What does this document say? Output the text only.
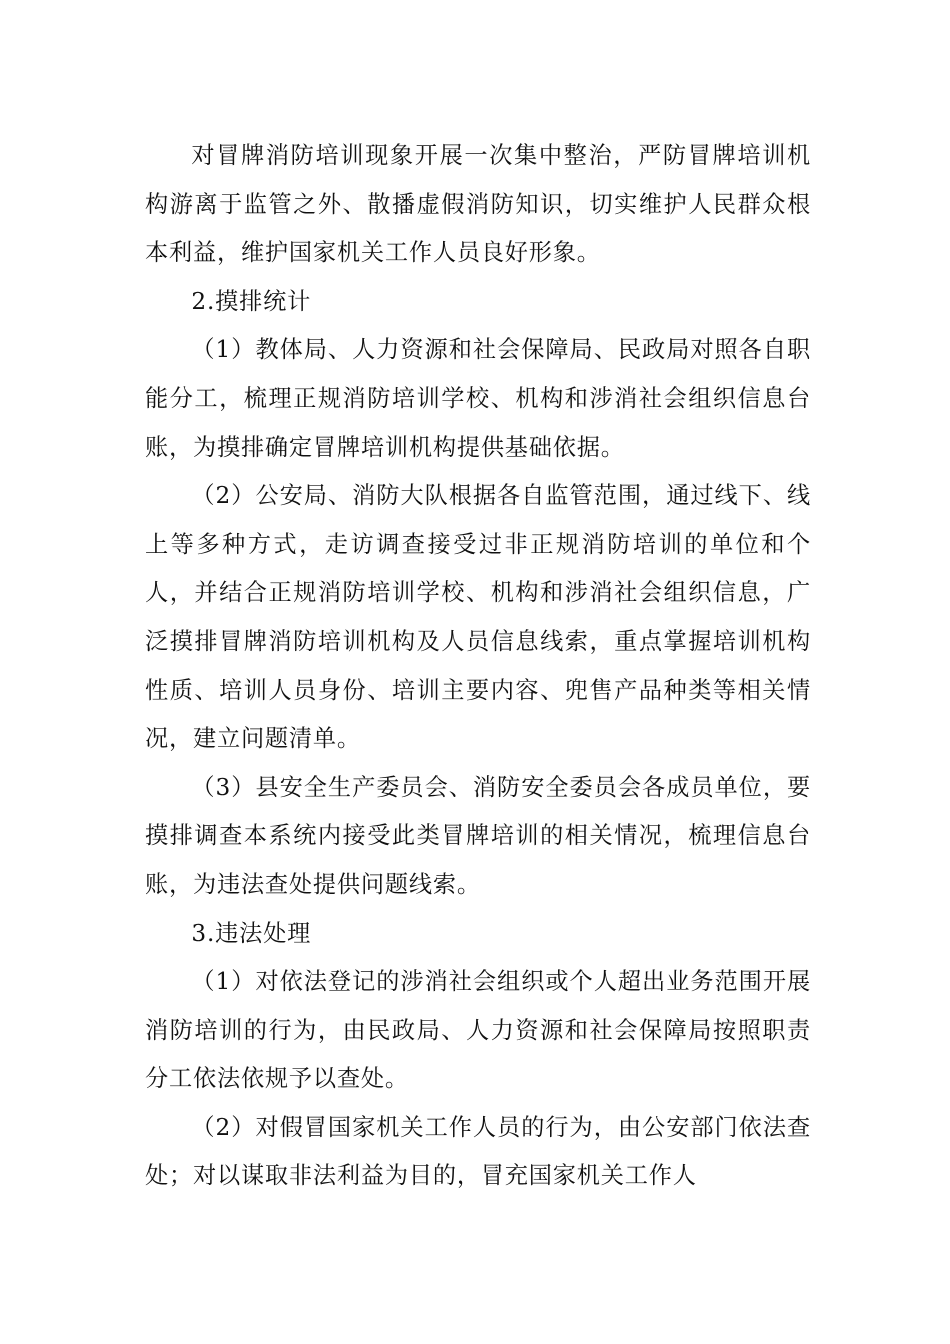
对冒牌消防培训现象开展一次集中整治，严防冒牌培训机构游离于监管之外、散播虚假消防知识，切实维护人民群众根本利益，维护国家机关工作人员良好形象。

2.摸排统计

（1）教体局、人力资源和社会保障局、民政局对照各自职能分工，梳理正规消防培训学校、机构和涉消社会组织信息台账，为摸排确定冒牌培训机构提供基础依据。

（2）公安局、消防大队根据各自监管范围，通过线下、线上等多种方式，走访调查接受过非正规消防培训的单位和个人，并结合正规消防培训学校、机构和涉消社会组织信息，广泛摸排冒牌消防培训机构及人员信息线索，重点掌握培训机构性质、培训人员身份、培训主要内容、兜售产品种类等相关情况，建立问题清单。

（3）县安全生产委员会、消防安全委员会各成员单位，要摸排调查本系统内接受此类冒牌培训的相关情况，梳理信息台账，为违法查处提供问题线索。

3.违法处理

（1）对依法登记的涉消社会组织或个人超出业务范围开展消防培训的行为，由民政局、人力资源和社会保障局按照职责分工依法依规予以查处。

（2）对假冒国家机关工作人员的行为，由公安部门依法查处；对以谋取非法利益为目的，冒充国家机关工作人
